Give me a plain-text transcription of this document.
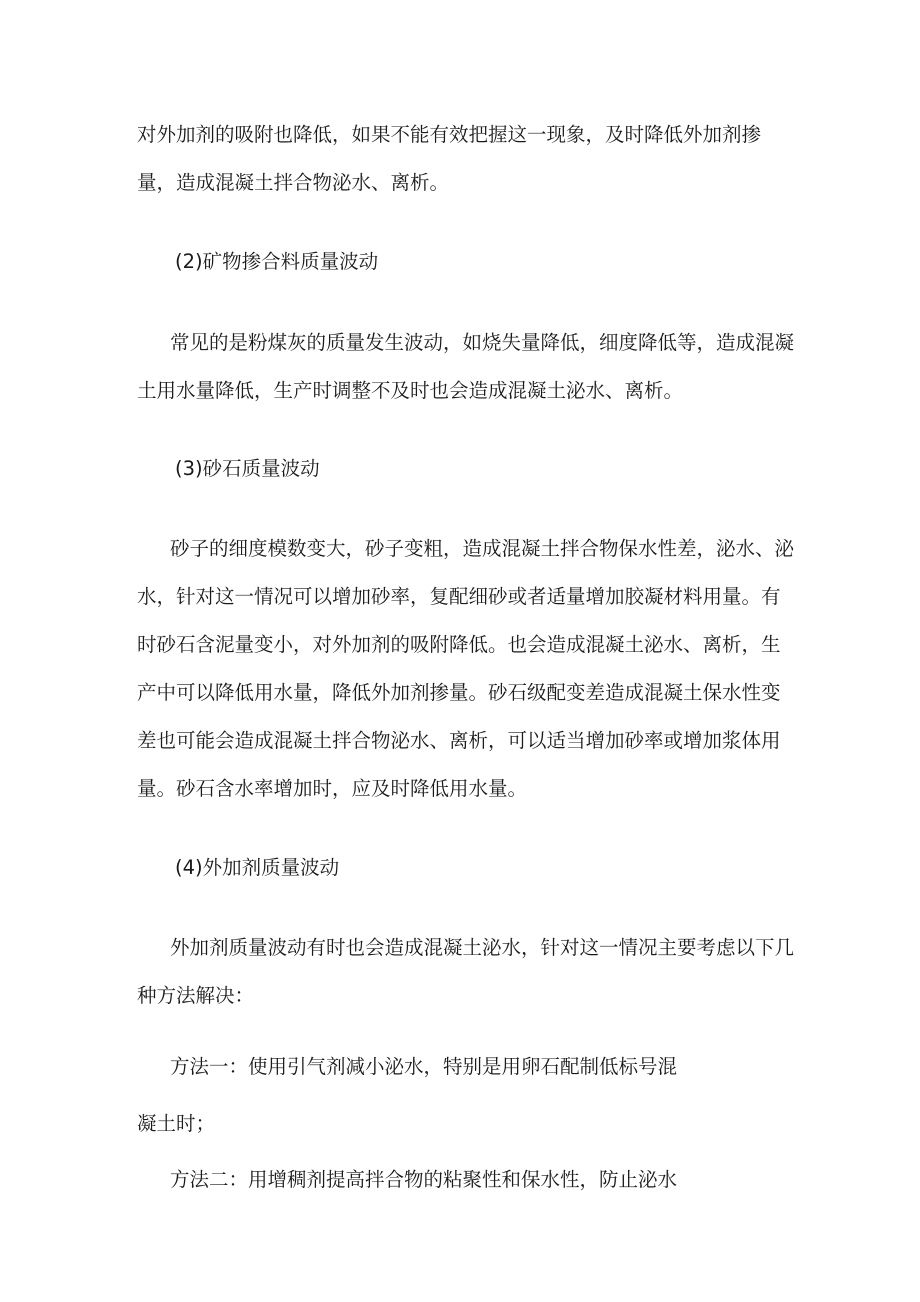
对外加剂的吸附也降低，如果不能有效把握这一现象，及时降低外加剂掺量，造成混凝土拌合物泌水、离析。

(2)矿物掺合料质量波动

常见的是粉煤灰的质量发生波动，如烧失量降低，细度降低等，造成混凝土用水量降低，生产时调整不及时也会造成混凝土泌水、离析。

(3)砂石质量波动

砂子的细度模数变大，砂子变粗，造成混凝土拌合物保水性差，泌水、泌水，针对这一情况可以增加砂率，复配细砂或者适量增加胶凝材料用量。有时砂石含泥量变小，对外加剂的吸附降低。也会造成混凝土泌水、离析，生产中可以降低用水量，降低外加剂掺量。砂石级配变差造成混凝土保水性变差也可能会造成混凝土拌合物泌水、离析，可以适当增加砂率或增加浆体用量。砂石含水率增加时，应及时降低用水量。

(4)外加剂质量波动

外加剂质量波动有时也会造成混凝土泌水，针对这一情况主要考虑以下几种方法解决：

方法一：使用引气剂减小泌水，特别是用卵石配制低标号混

凝土时；

方法二：用增稠剂提高拌合物的粘聚性和保水性，防止泌水
